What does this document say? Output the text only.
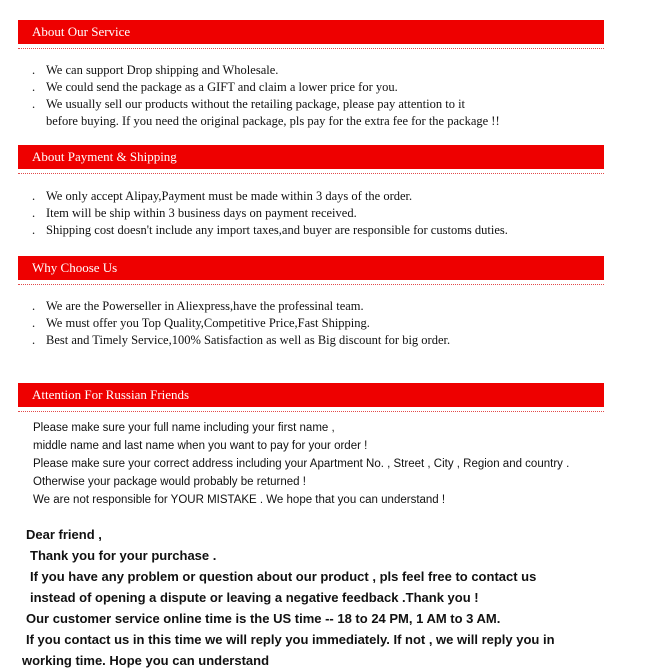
About Our Service
. We can support Drop shipping and Wholesale.
. We could send the package as a GIFT and claim a lower price for you.
. We usually sell our products without the retailing package, please pay attention to it
before buying. If you need the original package, pls pay for the extra fee for the package !!
About Payment & Shipping
. We only accept Alipay,Payment must be made within 3 days of the order.
. Item will be ship within 3 business days on payment received.
. Shipping cost doesn't include any import taxes,and buyer are responsible for customs duties.
Why Choose Us
. We are the Powerseller in Aliexpress,have the professinal team.
. We must offer you Top Quality,Competitive Price,Fast Shipping.
. Best and Timely Service,100% Satisfaction as well as Big discount for big order.
Attention For Russian Friends
Please make sure your full name including your first name ,
middle name and last name when you want to pay for your order !
Please make sure your correct address including your Apartment No. , Street , City , Region and country .
Otherwise your package would probably be returned !
We are not responsible for YOUR MISTAKE . We hope that you can understand !
Dear friend ,
Thank you for your purchase .
If you have any problem or question about our product , pls feel free to contact us
instead of opening a dispute or leaving a negative feedback .Thank you !
Our customer service online time is the US time -- 18 to 24 PM, 1 AM to 3 AM.
If you contact us in this time we will reply you immediately. If not , we will reply you in
working time. Hope you can understand
